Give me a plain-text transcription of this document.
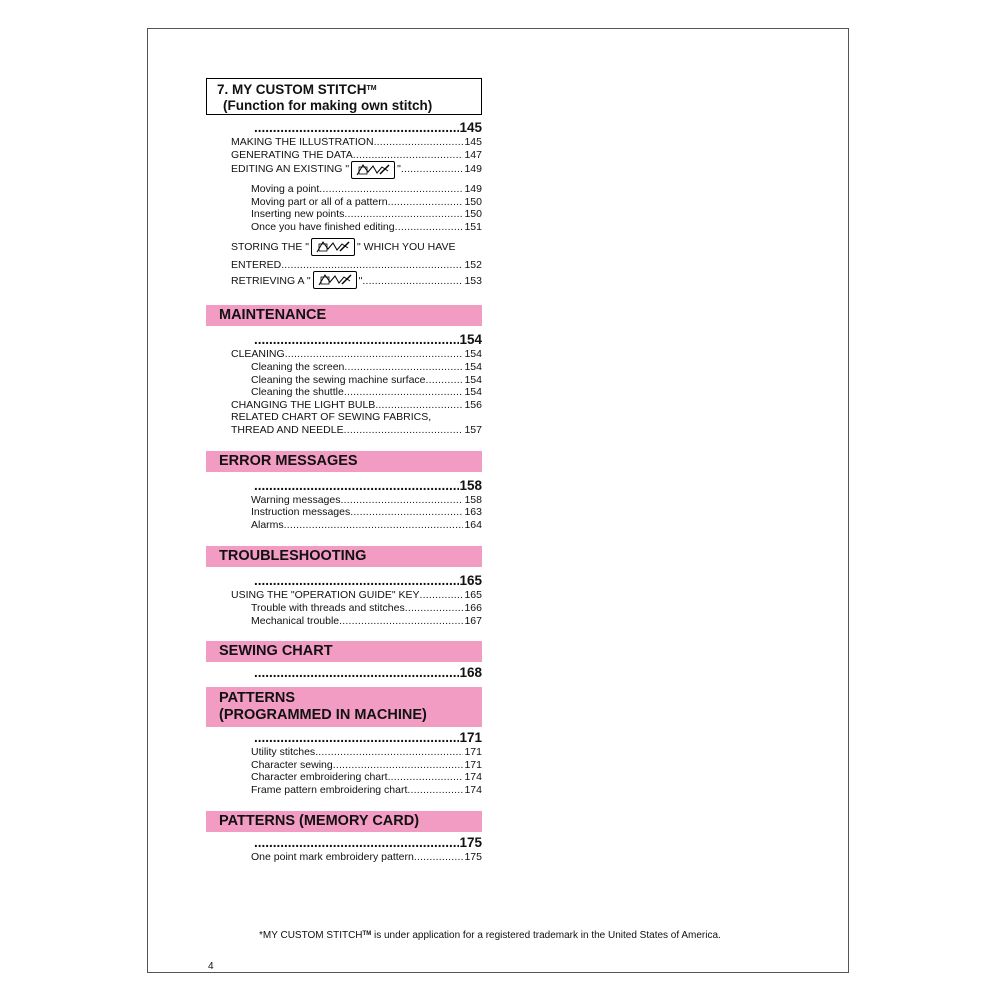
7. MY CUSTOM STITCH™
(Function for making own stitch)
.....
145
MAKING THE ILLUSTRATION .....	145
GENERATING THE DATA .....	147
EDITING AN EXISTING "	" .....	149
Moving a point .....	149
Moving part or all of a pattern .....	150
Inserting new points .....	150
Once you have finished editing .....	151
STORING THE "	" WHICH YOU HAVE
ENTERED .....	152
RETRIEVING A "	" .....	153
MAINTENANCE
.....
154
CLEANING .....	154
Cleaning the screen .....	154
Cleaning the sewing machine surface .....	154
Cleaning the shuttle .....	154
CHANGING THE LIGHT BULB .....	156
RELATED CHART OF SEWING FABRICS,
THREAD AND NEEDLE .....	157
ERROR MESSAGES
.....
158
Warning messages .....	158
Instruction messages .....	163
Alarms .....	164
TROUBLESHOOTING
.....
165
USING THE "OPERATION GUIDE" KEY .....	165
Trouble with threads and stitches .....	166
Mechanical trouble .....	167
SEWING CHART
.....
168
PATTERNS
(PROGRAMMED IN MACHINE)
.....
171
Utility stitches .....	171
Character sewing .....	171
Character embroidering chart .....	174
Frame pattern embroidering chart .....	174
PATTERNS (MEMORY CARD)
.....
175
One point mark embroidery pattern .....	175
*MY CUSTOM STITCH™ is under application for a registered trademark in the United States of America.
4
